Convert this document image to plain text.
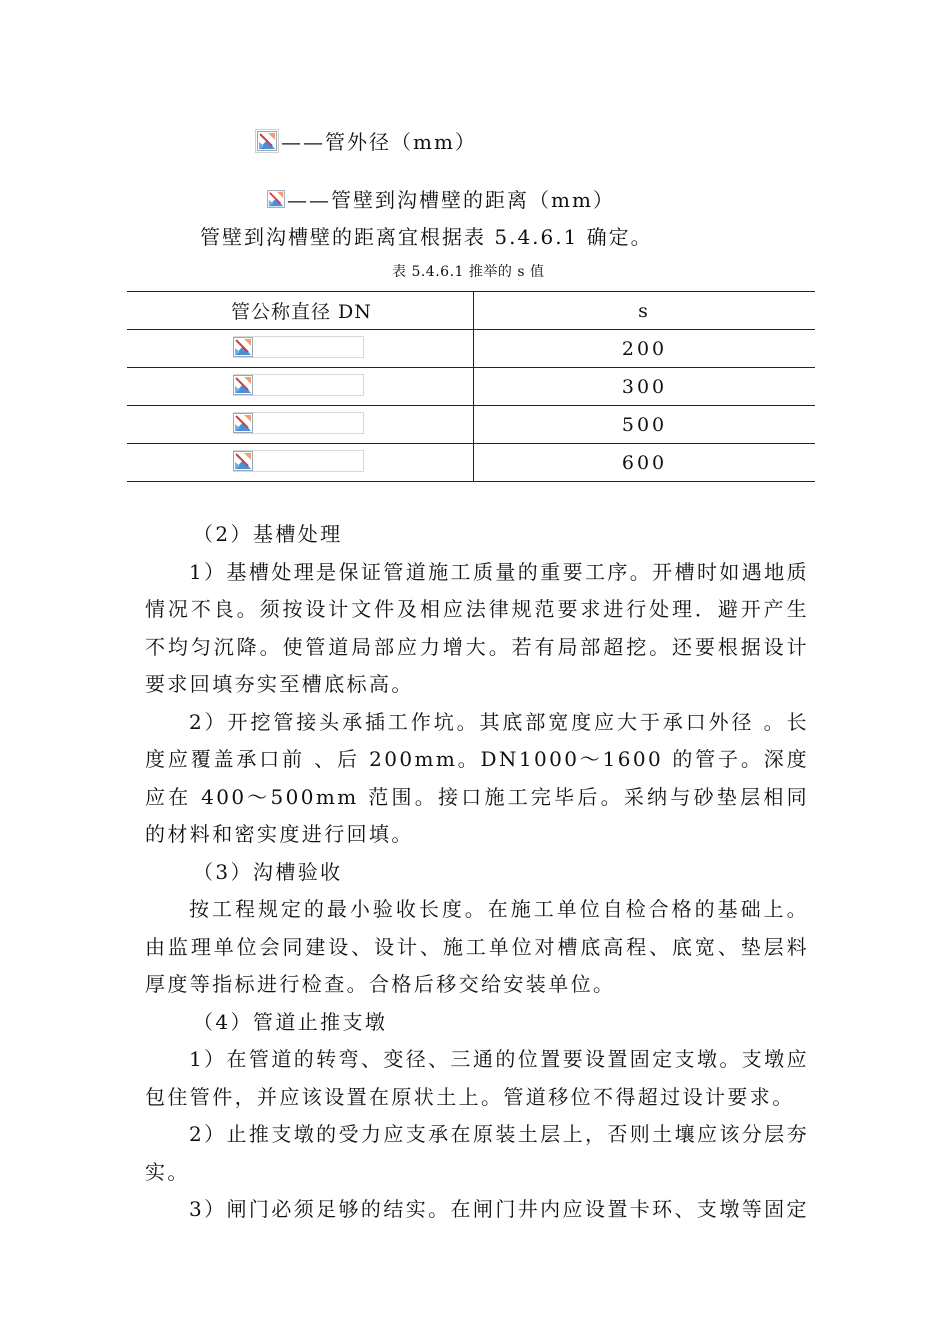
——管外径（mm）
——管壁到沟槽壁的距离（mm）
管壁到沟槽壁的距离宜根据表 5.4.6.1 确定。
表 5.4.6.1 推举的 s 值
管公称直径 DN	s

	200

	300

	500

	600

（2）基槽处理

1）基槽处理是保证管道施工质量的重要工序。开槽时如遇地质情况不良。须按设计文件及相应法律规范要求进行处理．避开产生不均匀沉降。使管道局部应力增大。若有局部超挖。还要根据设计要求回填夯实至槽底标高。

2）开挖管接头承插工作坑。其底部宽度应大于承口外径 。长度应覆盖承口前 、后 200mm。DN1000～1600 的管子。深度应在 400～500mm 范围。接口施工完毕后。采纳与砂垫层相同的材料和密实度进行回填。

（3）沟槽验收

按工程规定的最小验收长度。在施工单位自检合格的基础上。由监理单位会同建设、设计、施工单位对槽底高程、底宽、垫层料厚度等指标进行检查。合格后移交给安装单位。

（4）管道止推支墩

1）在管道的转弯、变径、三通的位置要设置固定支墩。支墩应包住管件，并应该设置在原状土上。管道移位不得超过设计要求。

2）止推支墩的受力应支承在原装土层上，否则土壤应该分层夯实。

3）闸门必须足够的结实。在闸门井内应设置卡环、支墩等固定
